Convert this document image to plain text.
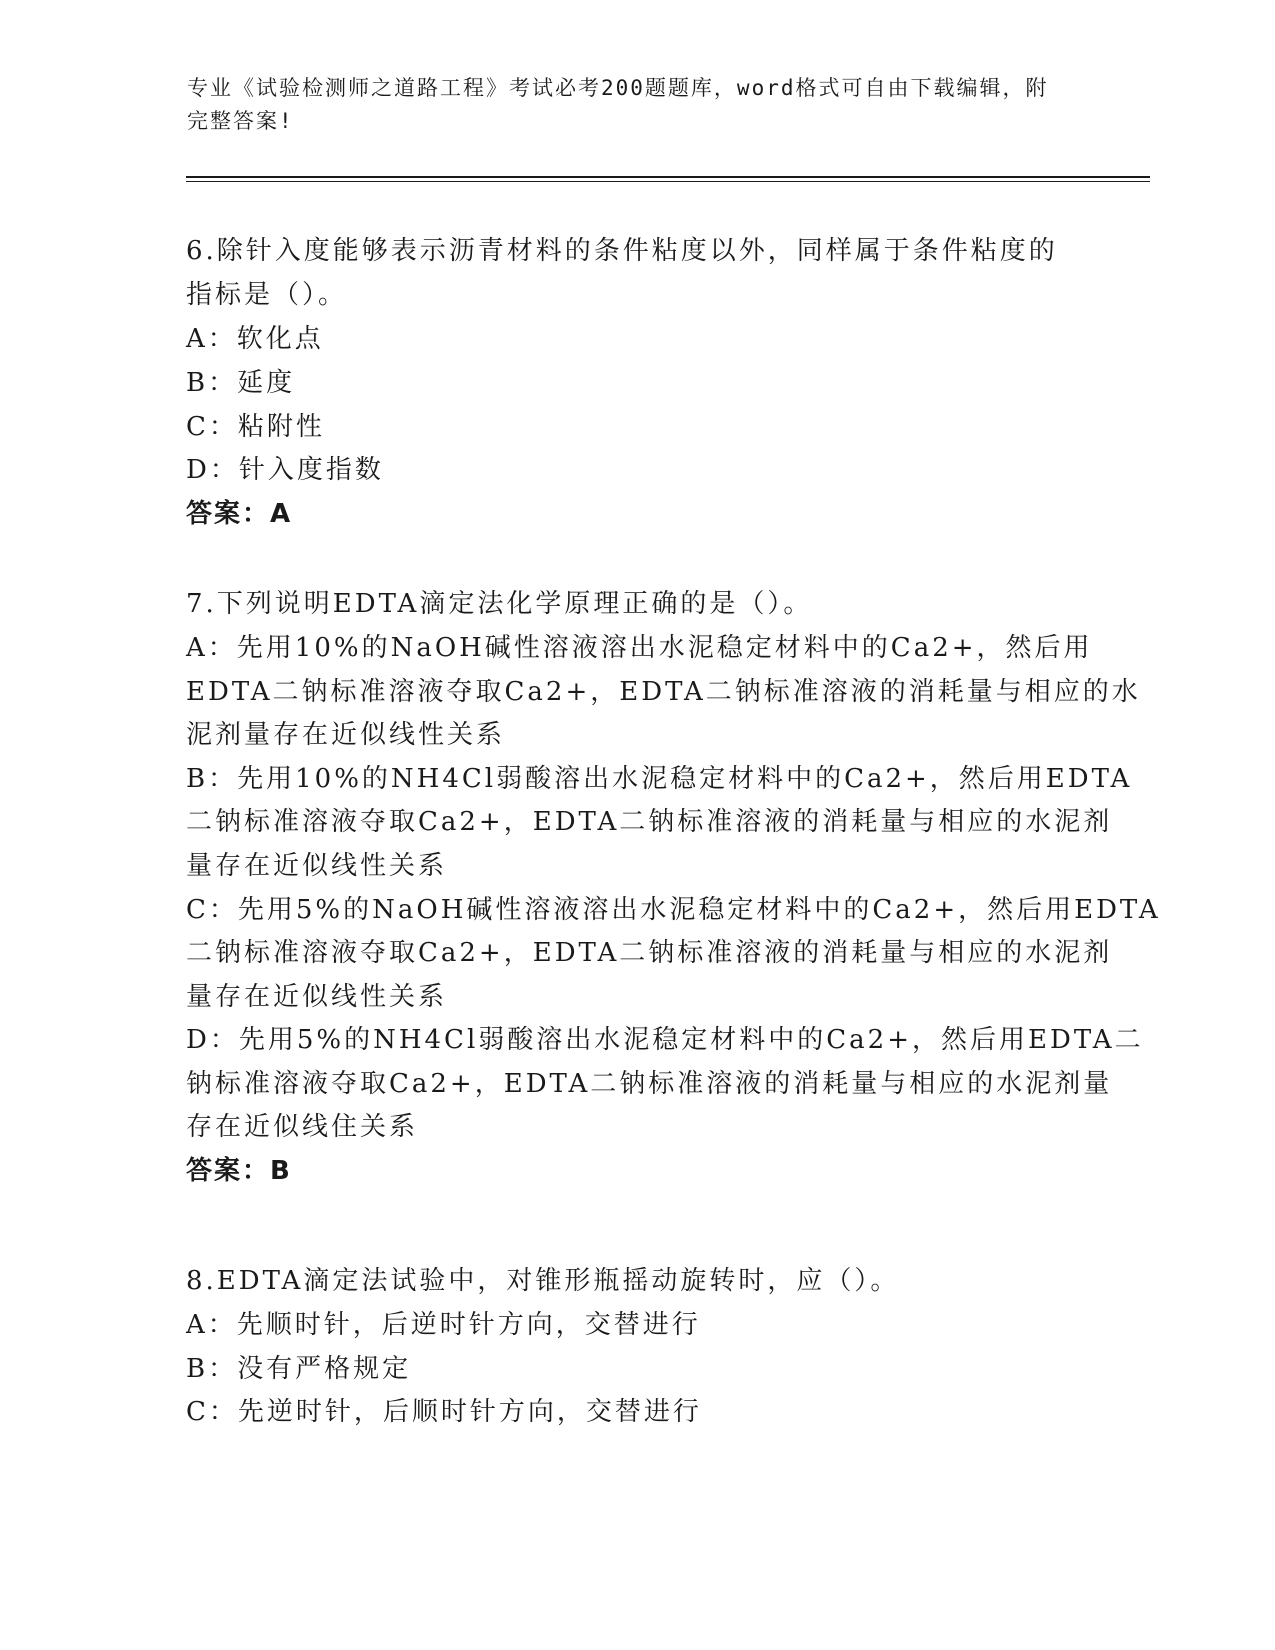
专业《试验检测师之道路工程》考试必考200题题库，word格式可自由下载编辑，附完整答案!
6.除针入度能够表示沥青材料的条件粘度以外，同样属于条件粘度的
指标是（）。
A：软化点
B：延度
C：粘附性
D：针入度指数
答案：A
7.下列说明EDTA滴定法化学原理正确的是（）。
A：先用10%的NaOH碱性溶液溶出水泥稳定材料中的Ca2+，然后用
EDTA二钠标准溶液夺取Ca2+，EDTA二钠标准溶液的消耗量与相应的水
泥剂量存在近似线性关系
B：先用10%的NH4Cl弱酸溶出水泥稳定材料中的Ca2+，然后用EDTA
二钠标准溶液夺取Ca2+，EDTA二钠标准溶液的消耗量与相应的水泥剂
量存在近似线性关系
C：先用5%的NaOH碱性溶液溶出水泥稳定材料中的Ca2+，然后用EDTA
二钠标准溶液夺取Ca2+，EDTA二钠标准溶液的消耗量与相应的水泥剂
量存在近似线性关系
D：先用5%的NH4Cl弱酸溶出水泥稳定材料中的Ca2+，然后用EDTA二
钠标准溶液夺取Ca2+，EDTA二钠标准溶液的消耗量与相应的水泥剂量
存在近似线住关系
答案：B
8.EDTA滴定法试验中，对锥形瓶摇动旋转时，应（）。
A：先顺时针，后逆时针方向，交替进行
B：没有严格规定
C：先逆时针，后顺时针方向，交替进行
